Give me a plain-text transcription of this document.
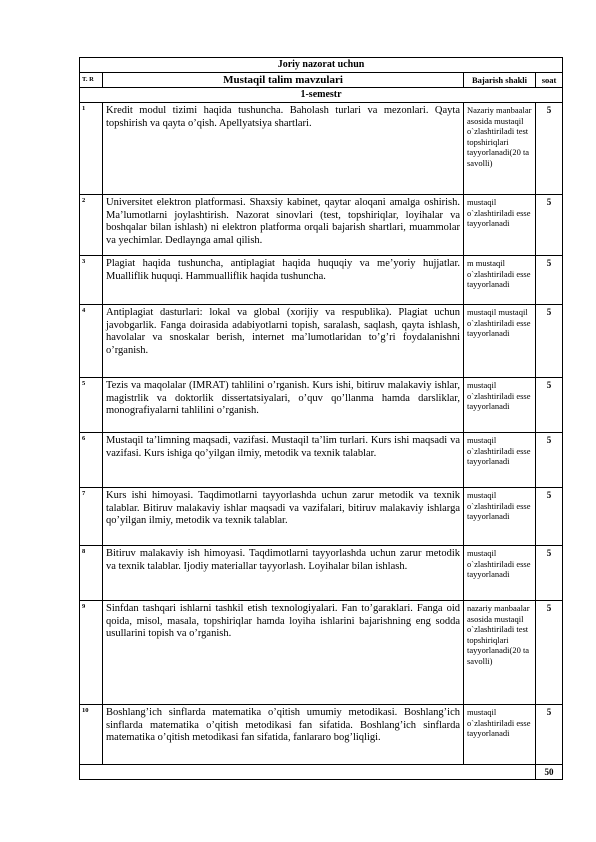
Joriy nazorat uchun			
T. R	Mustaqil talim mavzulari	Bajarish shakli	soat
1-semestr			
1	Kredit modul tizimi haqida tushuncha. Baholash turlari va mezonlari. Qayta topshirish va qayta o’qish. Apellyatsiya shartlari.	Nazariy manbaalar asosida mustaqil o`zlashtiriladi test topshiriqlari tayyorlanadi(20 ta savolli)	5
2	Universitet elektron platformasi. Shaxsiy kabinet, qaytar aloqani amalga oshirish. Ma’lumotlarni joylashtirish. Nazorat sinovlari (test, topshiriqlar, loyihalar va boshqalar bilan ishlash) ni elektron platforma orqali bajarish shartlari, muammolar va yechimlar. Dedlaynga amal qilish.	mustaqil o`zlashtiriladi esse tayyorlanadi	5
3	Plagiat haqida tushuncha, antiplagiat haqida huquqiy va me’yoriy hujjatlar. Mualliflik huquqi. Hammualliflik haqida tushuncha.	m mustaqil o`zlashtiriladi esse tayyorlanadi	5
4	Antiplagiat dasturlari: lokal va global (xorijiy va respublika). Plagiat uchun javobgarlik. Fanga doirasida adabiyotlarni topish, saralash, saqlash, qayta ishlash, havolalar va snoskalar berish, internet ma’lumotlaridan to’g’ri foydalanishni o’rganish.	mustaqil mustaqil o`zlashtiriladi esse tayyorlanadi	5
5	Tezis va maqolalar (IMRAT) tahlilini o’rganish. Kurs ishi, bitiruv malakaviy ishlar, magistrlik va doktorlik dissertatsiyalari, o’quv qo’llanma hamda darsliklar, monografiyalarni tahlilini o’rganish.	mustaqil o`zlashtiriladi esse tayyorlanadi	5
6	Mustaqil ta’limning maqsadi, vazifasi. Mustaqil ta’lim turlari. Kurs ishi maqsadi va vazifasi. Kurs ishiga qo’yilgan ilmiy, metodik va texnik talablar.	mustaqil o`zlashtiriladi esse tayyorlanadi	5
7	Kurs ishi himoyasi. Taqdimotlarni tayyorlashda uchun zarur metodik va texnik talablar. Bitiruv malakaviy ishlar maqsadi va vazifalari, bitiruv malakaviy ishlarga qo’yilgan ilmiy, metodik va texnik talablar.	mustaqil o`zlashtiriladi esse tayyorlanadi	5
8	Bitiruv malakaviy ish himoyasi. Taqdimotlarni tayyorlashda uchun zarur metodik va texnik talablar. Ijodiy materiallar tayyorlash. Loyihalar bilan ishlash.	mustaqil o`zlashtiriladi esse tayyorlanadi	5
9	Sinfdan tashqari ishlarni tashkil etish texnologiyalari. Fan to’garaklari. Fanga oid qoida, misol, masala, topshiriqlar hamda loyiha ishlarini bajarishning eng sodda usullarini topish va o’rganish.	nazariy manbaalar asosida mustaqil o`zlashtiriladi test topshiriqlari tayyorlanadi(20 ta savolli)	5
10	Boshlang’ich sinflarda matematika o’qitish umumiy metodikasi. Boshlang’ich sinflarda matematika o’qitish metodikasi fan sifatida. Boshlang’ich sinflarda matematika o’qitish metodikasi fan sifatida, fanlararo bog’liqligi.	mustaqil o`zlashtiriladi esse tayyorlanadi	5
			50
